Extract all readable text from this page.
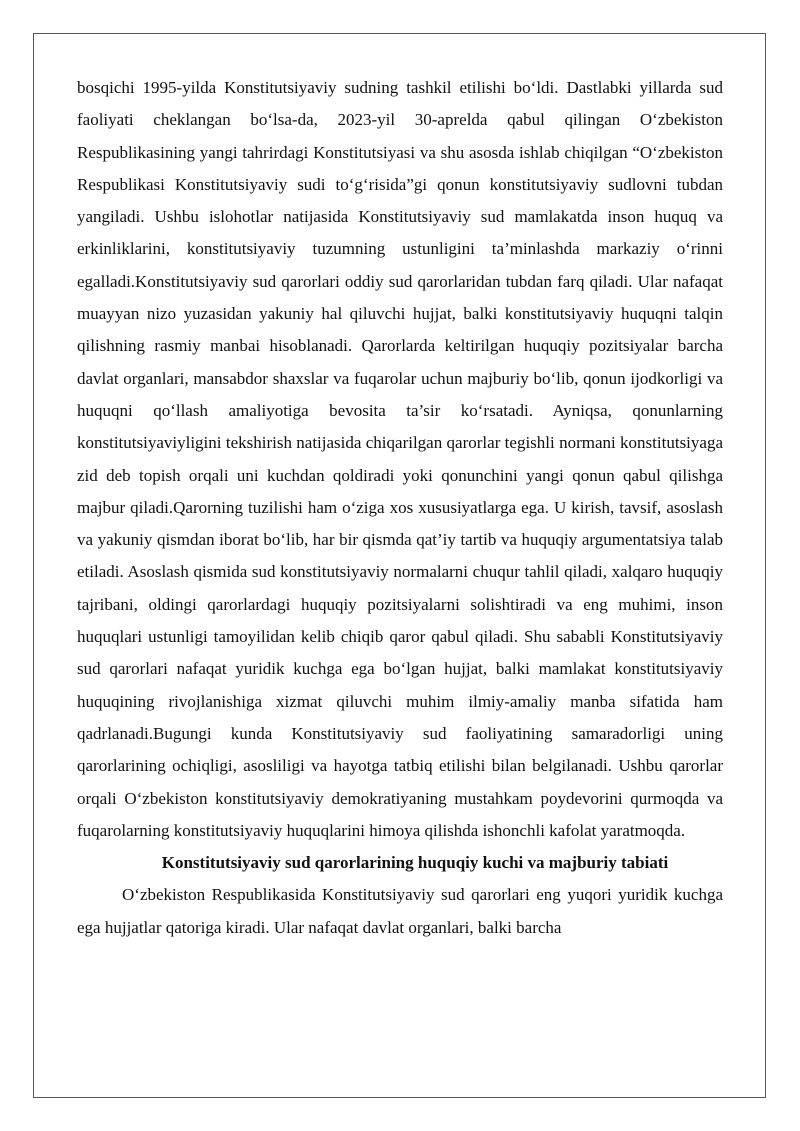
bosqichi 1995-yilda Konstitutsiyaviy sudning tashkil etilishi bo‘ldi. Dastlabki yillarda sud faoliyati cheklangan bo‘lsa-da, 2023-yil 30-aprelda qabul qilingan O‘zbekiston Respublikasining yangi tahrirdagi Konstitutsiyasi va shu asosda ishlab chiqilgan “O‘zbekiston Respublikasi Konstitutsiyaviy sudi to‘g‘risida”gi qonun konstitutsiyaviy sudlovni tubdan yangiladi. Ushbu islohotlar natijasida Konstitutsiyaviy sud mamlakatda inson huquq va erkinliklarini, konstitutsiyaviy tuzumning ustunligini ta’minlashda markaziy o‘rinni egalladi.Konstitutsiyaviy sud qarorlari oddiy sud qarorlaridan tubdan farq qiladi. Ular nafaqat muayyan nizo yuzasidan yakuniy hal qiluvchi hujjat, balki konstitutsiyaviy huquqni talqin qilishning rasmiy manbai hisoblanadi. Qarorlarda keltirilgan huquqiy pozitsiyalar barcha davlat organlari, mansabdor shaxslar va fuqarolar uchun majburiy bo‘lib, qonun ijodkorligi va huquqni qo‘llash amaliyotiga bevosita ta’sir ko‘rsatadi. Ayniqsa, qonunlarning konstitutsiyaviyligini tekshirish natijasida chiqarilgan qarorlar tegishli normani konstitutsiyaga zid deb topish orqali uni kuchdan qoldiradi yoki qonunchini yangi qonun qabul qilishga majbur qiladi.Qarorning tuzilishi ham o‘ziga xos xususiyatlarga ega. U kirish, tavsif, asoslash va yakuniy qismdan iborat bo‘lib, har bir qismda qat’iy tartib va huquqiy argumentatsiya talab etiladi. Asoslash qismida sud konstitutsiyaviy normalarni chuqur tahlil qiladi, xalqaro huquqiy tajribani, oldingi qarorlardagi huquqiy pozitsiyalarni solishtiradi va eng muhimi, inson huquqlari ustunligi tamoyilidan kelib chiqib qaror qabul qiladi. Shu sababli Konstitutsiyaviy sud qarorlari nafaqat yuridik kuchga ega bo‘lgan hujjat, balki mamlakat konstitutsiyaviy huquqining rivojlanishiga xizmat qiluvchi muhim ilmiy-amaliy manba sifatida ham qadrlanadi.Bugungi kunda Konstitutsiyaviy sud faoliyatining samaradorligi uning qarorlarining ochiqligi, asosliligi va hayotga tatbiq etilishi bilan belgilanadi. Ushbu qarorlar orqali O‘zbekiston konstitutsiyaviy demokratiyaning mustahkam poydevorini qurmoqda va fuqarolarning konstitutsiyaviy huquqlarini himoya qilishda ishonchli kafolat yaratmoqda.

Konstitutsiyaviy sud qarorlarining huquqiy kuchi va majburiy tabiati

O‘zbekiston Respublikasida Konstitutsiyaviy sud qarorlari eng yuqori yuridik kuchga ega hujjatlar qatoriga kiradi. Ular nafaqat davlat organlari, balki barcha
